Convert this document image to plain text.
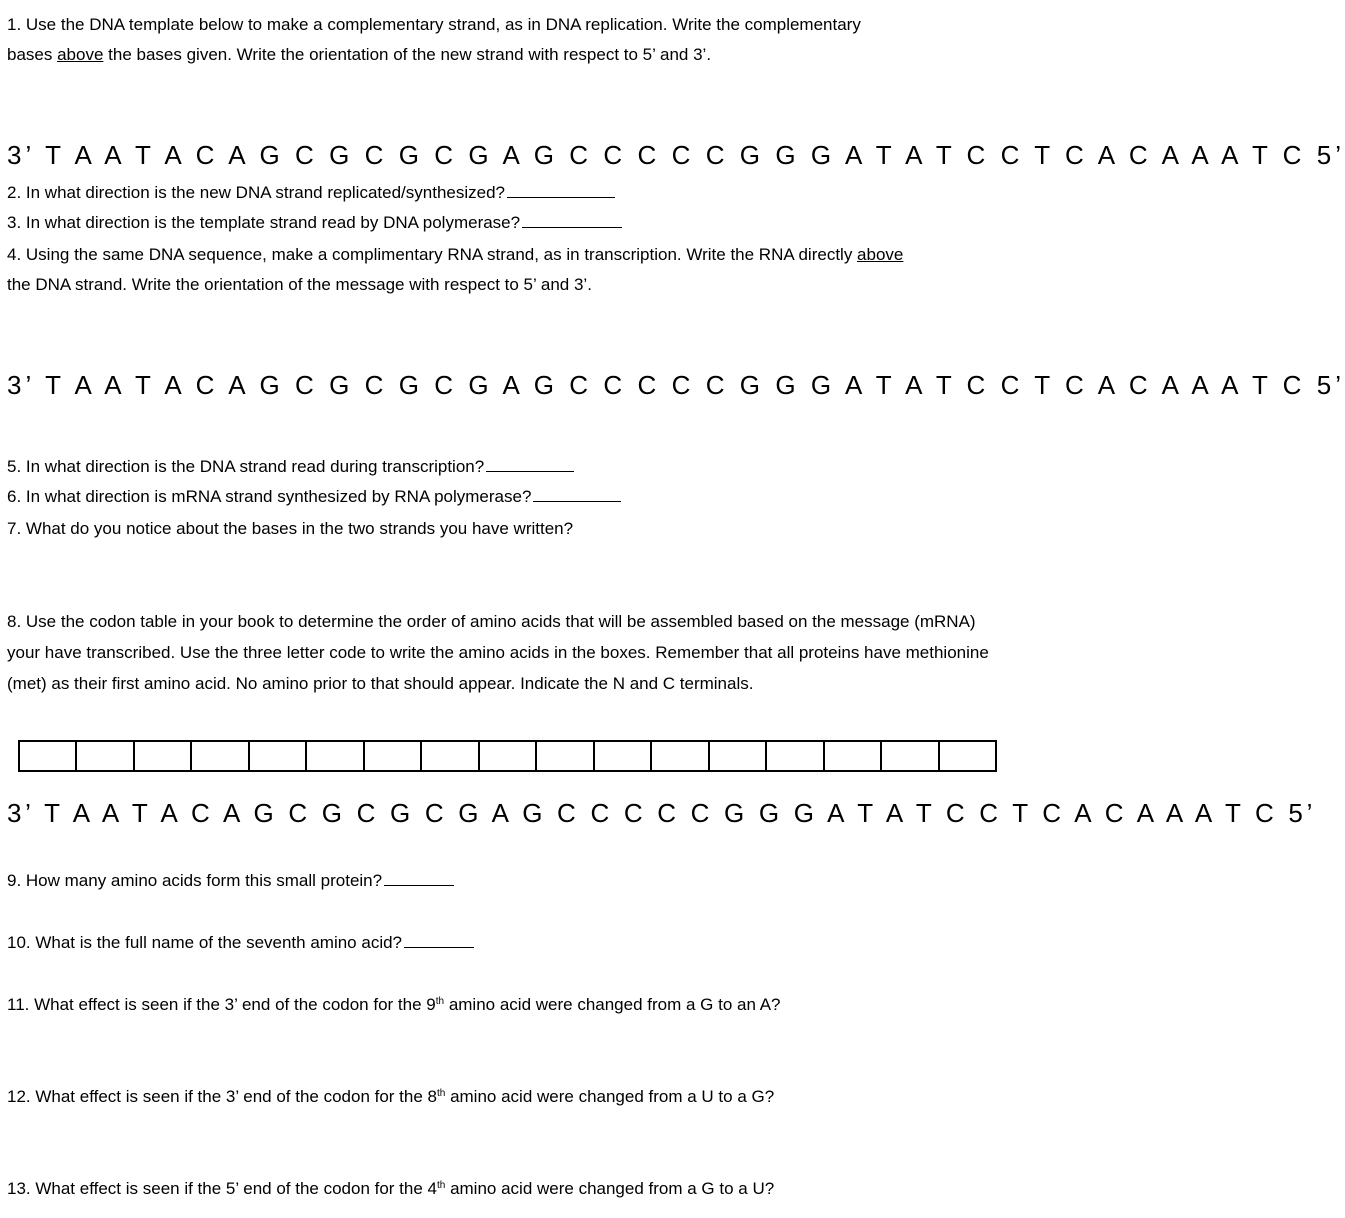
1. Use the DNA template below to make a complementary strand, as in DNA replication. Write the complementary
bases above the bases given. Write the orientation of the new strand with respect to 5’ and 3’.
3’ T A A T A C A G C G C G C G A G C C C C C G G G A T A T C C T C A C A A A T C 5’
2. In what direction is the new DNA strand replicated/synthesized?
3. In what direction is the template strand read by DNA polymerase?
4. Using the same DNA sequence, make a complimentary RNA strand, as in transcription. Write the RNA directly above
the DNA strand. Write the orientation of the message with respect to 5’ and 3’.
3’ T A A T A C A G C G C G C G A G C C C C C G G G A T A T C C T C A C A A A T C 5’
5. In what direction is the DNA strand read during transcription?
6. In what direction is mRNA strand synthesized by RNA polymerase?
7. What do you notice about the bases in the two strands you have written?
8. Use the codon table in your book to determine the order of amino acids that will be assembled based on the message (mRNA) your have transcribed. Use the three letter code to write the amino acids in the boxes. Remember that all proteins have methionine (met) as their first amino acid. No amino prior to that should appear. Indicate the N and C terminals.
3’ T A A T A C A G C G C G C G A G C C C C C G G G A T A T C C T C A C A A A T C 5’
9. How many amino acids form this small protein?
10. What is the full name of the seventh amino acid?
11. What effect is seen if the 3’ end of the codon for the 9th amino acid were changed from a G to an A?
12. What effect is seen if the 3’ end of the codon for the 8th amino acid were changed from a U to a G?
13. What effect is seen if the 5’ end of the codon for the 4th amino acid were changed from a G to a U?
